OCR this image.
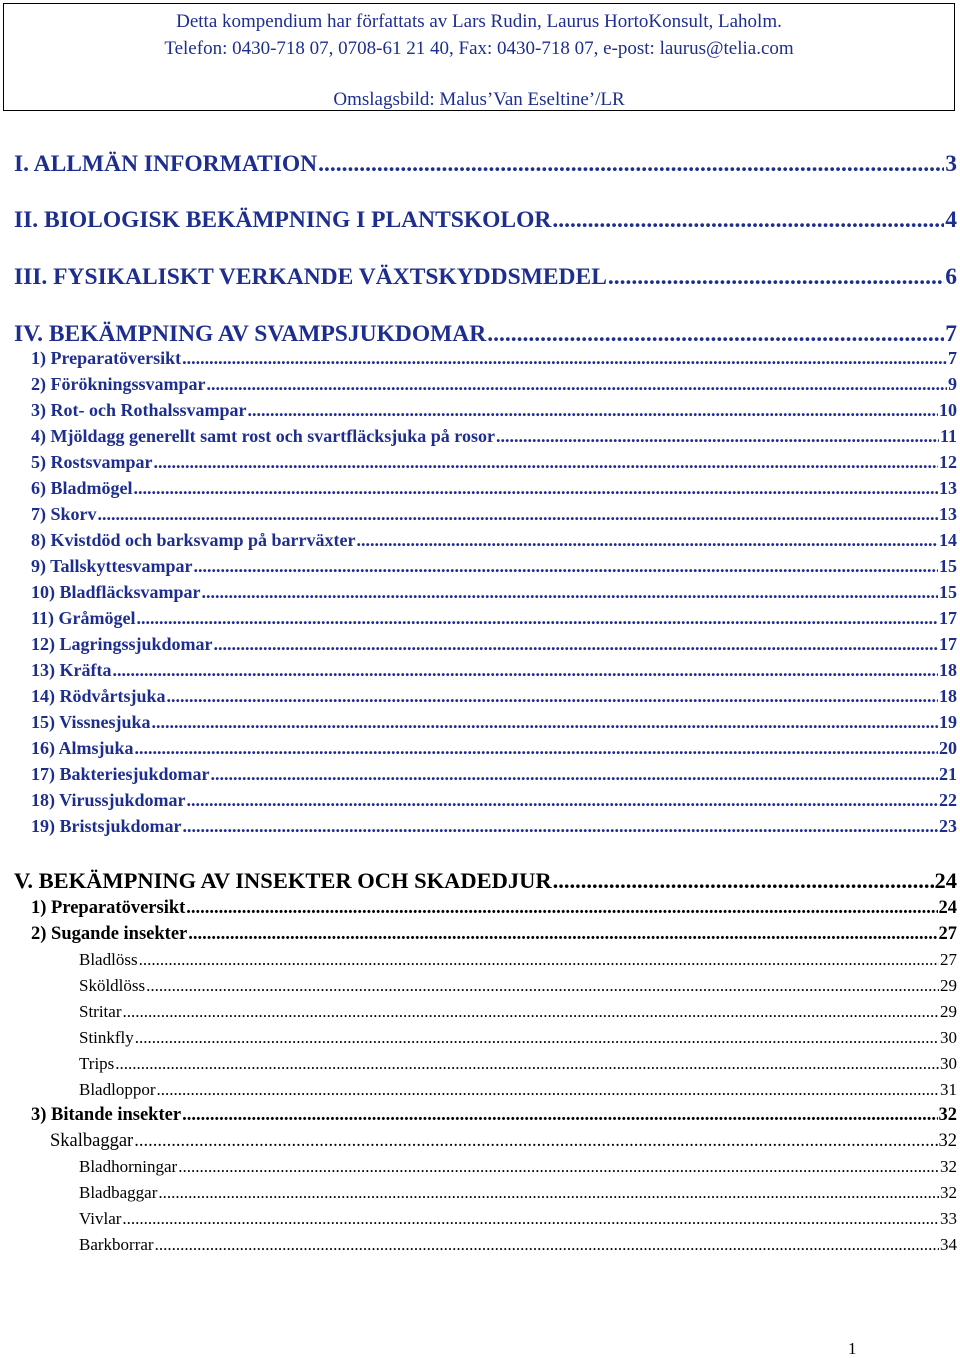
Detta kompendium har författats av Lars Rudin, Laurus HortoKonsult, Laholm.
Telefon: 0430-718 07, 0708-61 21 40, Fax: 0430-718 07, e-post: laurus@telia.com
Omslagsbild: Malus’Van Eseltine’/LR
I. ALLMÄN INFORMATION .....	3
II. BIOLOGISK BEKÄMPNING I PLANTSKOLOR .....	4
III. FYSIKALISKT VERKANDE VÄXTSKYDDSMEDEL .....	6
IV. BEKÄMPNING AV SVAMPSJUKDOMAR .....	7
1) Preparatöversikt .....	7
2) Förökningssvampar .....	9
3) Rot- och Rothalssvampar .....	10
4) Mjöldagg generellt samt rost och svartfläcksjuka på rosor .....	11
5) Rostsvampar .....	12
6) Bladmögel .....	13
7) Skorv .....	13
8) Kvistdöd och barksvamp på barrväxter .....	14
9) Tallskyttesvampar .....	15
10) Bladfläcksvampar .....	15
11) Gråmögel .....	17
12) Lagringssjukdomar .....	17
13) Kräfta .....	18
14) Rödvårtsjuka .....	18
15) Vissnesjuka .....	19
16) Almsjuka .....	20
17) Bakteriesjukdomar .....	21
18) Virussjukdomar .....	22
19) Bristsjukdomar .....	23
V. BEKÄMPNING AV INSEKTER OCH SKADEDJUR .....	24
1) Preparatöversikt .....	24
2) Sugande insekter .....	27
Bladlöss .....	27
Sköldlöss .....	29
Stritar .....	29
Stinkfly .....	30
Trips .....	30
Bladloppor .....	31
3) Bitande insekter .....	32
Skalbaggar .....	32
Bladhorningar .....	32
Bladbaggar .....	32
Vivlar .....	33
Barkborrar .....	34
1
